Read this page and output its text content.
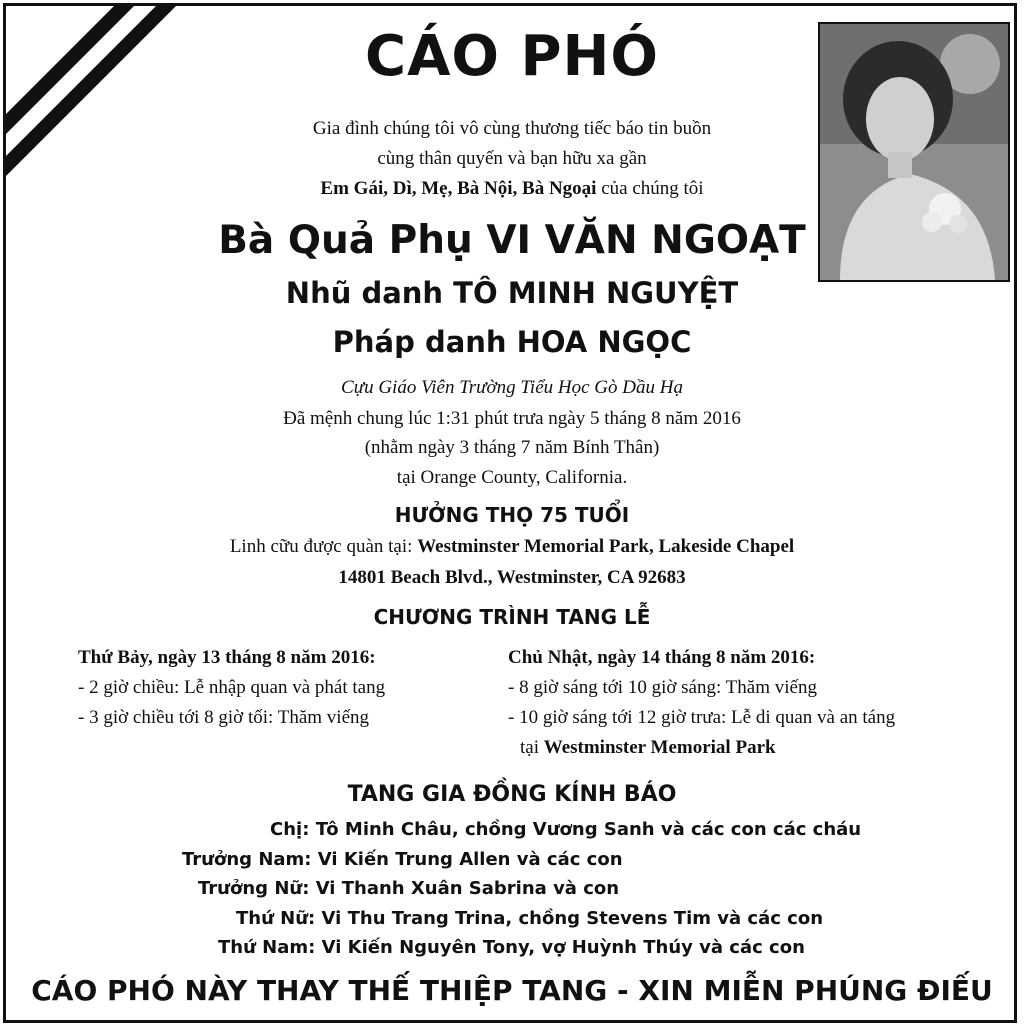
CÁO PHÓ
Gia đình chúng tôi vô cùng thương tiếc báo tin buồn
cùng thân quyến và bạn hữu xa gần
Em Gái, Dì, Mẹ, Bà Nội, Bà Ngoại của chúng tôi
Bà Quả Phụ VI VĂN NGOẠT
Nhũ danh TÔ MINH NGUYỆT
Pháp danh HOA NGỌC
Cựu Giáo Viên Trường Tiểu Học Gò Dầu Hạ
Đã mệnh chung lúc 1:31 phút trưa ngày 5 tháng 8 năm 2016
(nhằm ngày 3 tháng 7 năm Bính Thân)
tại Orange County, California.
HƯỞNG THỌ 75 TUỔI
Linh cữu được quàn tại: Westminster Memorial Park, Lakeside Chapel
14801 Beach Blvd., Westminster, CA 92683
CHƯƠNG TRÌNH TANG LỄ
Thứ Bảy, ngày 13 tháng 8 năm 2016:
- 2 giờ chiều: Lễ nhập quan và phát tang
- 3 giờ chiều tới 8 giờ tối: Thăm viếng
Chủ Nhật, ngày 14 tháng 8 năm 2016:
- 8 giờ sáng tới 10 giờ sáng: Thăm viếng
- 10 giờ sáng tới 12 giờ trưa: Lễ di quan và an táng
tại Westminster Memorial Park
TANG GIA ĐỒNG KÍNH BÁO
Chị: Tô Minh Châu, chồng Vương Sanh và các con các cháu
Trưởng Nam: Vi Kiến Trung Allen và các con
Trưởng Nữ: Vi Thanh Xuân Sabrina và con
Thứ Nữ: Vi Thu Trang Trina, chồng Stevens Tim và các con
Thứ Nam: Vi Kiến Nguyên Tony, vợ Huỳnh Thúy và các con
CÁO PHÓ NÀY THAY THẾ THIỆP TANG - XIN MIỄN PHÚNG ĐIẾU
